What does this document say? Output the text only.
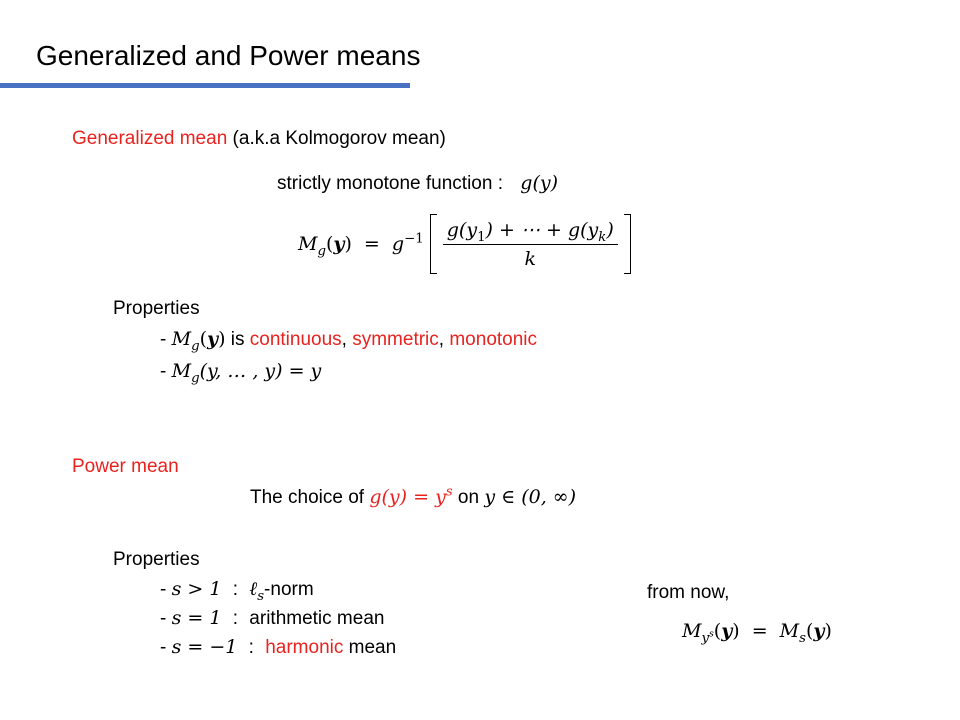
Generalized and Power means
Generalized mean (a.k.a Kolmogorov mean)
strictly monotone function : g(y)
$M_g(y) = g^{-1} \frac{g(y_1) + \cdots + g(y_k)}{k}$

Properties
- $M_g(y)$ is continuous, symmetric, monotonic
- $M_g(y$, … , y) = y
Power mean
The choice of $g(y) = y^s$ on y ∈ (0, ∞)
Properties
- s > 1 : ℓ$_s$-norm
- s = 1 : arithmetic mean
- s = −1 : harmonic mean
from now,
$M_{y^s}(y) = M_s(y)$
